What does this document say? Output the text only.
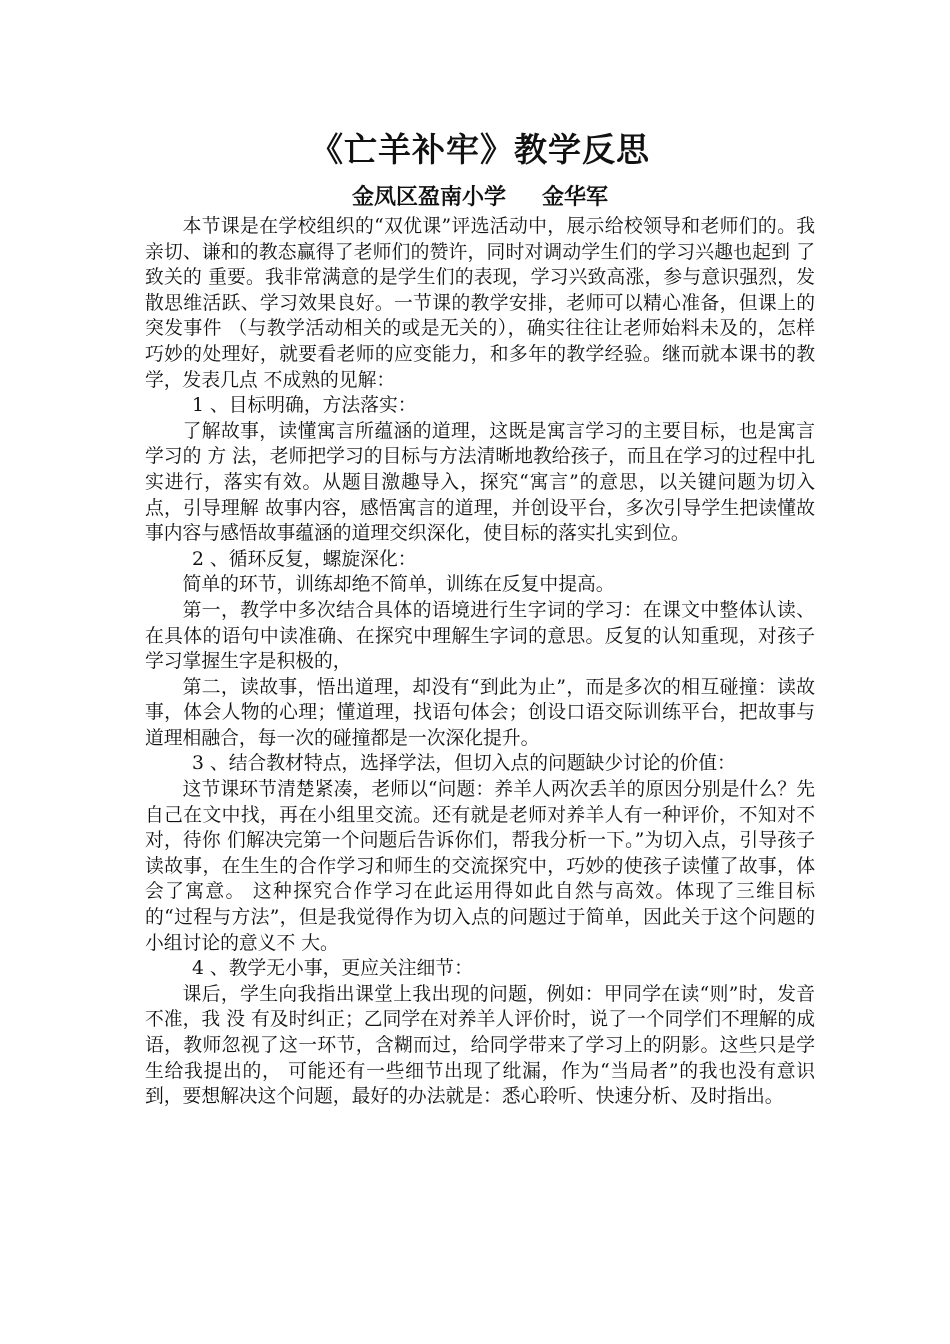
《亡羊补牢》教学反思
金凤区盈南小学 金华军

本节课是在学校组织的“双优课”评选活动中，展示给校领导和老师们的。我亲切、谦和的教态赢得了老师们的赞许，同时对调动学生们的学习兴趣也起到 了致关的 重要。我非常满意的是学生们的表现，学习兴致高涨，参与意识强烈，发散思维活跃、学习效果良好。一节课的教学安排，老师可以精心准备，但课上的突发事件 （与教学活动相关的或是无关的），确实往往让老师始料未及的，怎样巧妙的处理好，就要看老师的应变能力，和多年的教学经验。继而就本课书的教学，发表几点 不成熟的见解：

1 、目标明确，方法落实：

了解故事，读懂寓言所蕴涵的道理，这既是寓言学习的主要目标，也是寓言学习的 方 法，老师把学习的目标与方法清晰地教给孩子，而且在学习的过程中扎实进行，落实有效。从题目激趣导入，探究“寓言”的意思，以关键问题为切入点，引导理解 故事内容，感悟寓言的道理，并创设平台，多次引导学生把读懂故事内容与感悟故事蕴涵的道理交织深化，使目标的落实扎实到位。

2 、循环反复，螺旋深化：

简单的环节，训练却绝不简单，训练在反复中提高。

第一，教学中多次结合具体的语境进行生字词的学习：在课文中整体认读、在具体的语句中读准确、在探究中理解生字词的意思。反复的认知重现，对孩子学习掌握生字是积极的，

第二，读故事，悟出道理，却没有“到此为止”，而是多次的相互碰撞：读故事，体会人物的心理；懂道理，找语句体会；创设口语交际训练平台，把故事与道理相融合，每一次的碰撞都是一次深化提升。

3 、结合教材特点，选择学法，但切入点的问题缺少讨论的价值：

这节课环节清楚紧凑，老师以“问题：养羊人两次丢羊的原因分别是什么？先自己在文中找，再在小组里交流。还有就是老师对养羊人有一种评价，不知对不对，待你 们解决完第一个问题后告诉你们，帮我分析一下。”为切入点，引导孩子读故事，在生生的合作学习和师生的交流探究中，巧妙的使孩子读懂了故事，体会了寓意。 这种探究合作学习在此运用得如此自然与高效。体现了三维目标的“过程与方法”，但是我觉得作为切入点的问题过于简单，因此关于这个问题的小组讨论的意义不 大。

4 、教学无小事，更应关注细节：

课后，学生向我指出课堂上我出现的问题，例如：甲同学在读“则”时，发音不准，我 没 有及时纠正；乙同学在对养羊人评价时，说了一个同学们不理解的成语，教师忽视了这一环节，含糊而过，给同学带来了学习上的阴影。这些只是学生给我提出的， 可能还有一些细节出现了纰漏，作为“当局者”的我也没有意识到，要想解决这个问题，最好的办法就是：悉心聆听、快速分析、及时指出。
